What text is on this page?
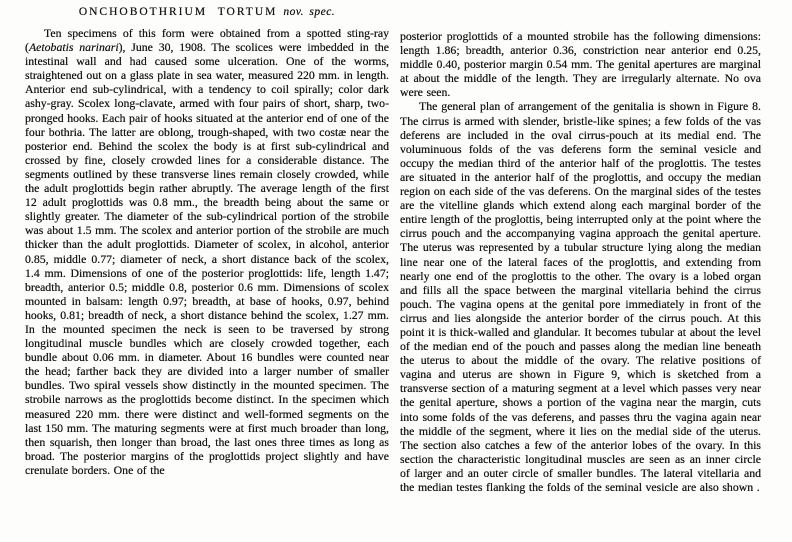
ONCHOBOTHRIUM TORTUM nov. spec.

Ten specimens of this form were obtained from a spotted sting-ray (Aetobatis narinari), June 30, 1908. The scolices were imbedded in the intestinal wall and had caused some ulceration. One of the worms, straightened out on a glass plate in sea water, measured 220 mm. in length. Anterior end sub-cylindrical, with a tendency to coil spirally; color dark ashy-gray. Scolex long-clavate, armed with four pairs of short, sharp, two-pronged hooks. Each pair of hooks situated at the anterior end of one of the four bothria. The latter are oblong, trough-shaped, with two costæ near the posterior end. Behind the scolex the body is at first sub-cylindrical and crossed by fine, closely crowded lines for a considerable distance. The segments outlined by these transverse lines remain closely crowded, while the adult proglottids begin rather abruptly. The average length of the first 12 adult proglottids was 0.8 mm., the breadth being about the same or slightly greater. The diameter of the sub-cylindrical portion of the strobile was about 1.5 mm. The scolex and anterior portion of the strobile are much thicker than the adult proglottids. Diameter of scolex, in alcohol, anterior 0.85, middle 0.77; diameter of neck, a short distance back of the scolex, 1.4 mm. Dimensions of one of the posterior proglottids: life, length 1.47; breadth, anterior 0.5; middle 0.8, posterior 0.6 mm. Dimensions of scolex mounted in balsam: length 0.97; breadth, at base of hooks, 0.97, behind hooks, 0.81; breadth of neck, a short distance behind the scolex, 1.27 mm. In the mounted specimen the neck is seen to be traversed by strong longitudinal muscle bundles which are closely crowded together, each bundle about 0.06 mm. in diameter. About 16 bundles were counted near the head; farther back they are divided into a larger number of smaller bundles. Two spiral vessels show distinctly in the mounted specimen. The strobile narrows as the proglottids become distinct. In the specimen which measured 220 mm. there were distinct and well-formed segments on the last 150 mm. The maturing segments were at first much broader than long, then squarish, then longer than broad, the last ones three times as long as broad. The posterior margins of the proglottids project slightly and have crenulate borders. One of the

posterior proglottids of a mounted strobile has the following dimensions: length 1.86; breadth, anterior 0.36, constriction near anterior end 0.25, middle 0.40, posterior margin 0.54 mm. The genital apertures are marginal at about the middle of the length. They are irregularly alternate. No ova were seen.

The general plan of arrangement of the genitalia is shown in Figure 8. The cirrus is armed with slender, bristle-like spines; a few folds of the vas deferens are included in the oval cirrus-pouch at its medial end. The voluminuous folds of the vas deferens form the seminal vesicle and occupy the median third of the anterior half of the proglottis. The testes are situated in the anterior half of the proglottis, and occupy the median region on each side of the vas deferens. On the marginal sides of the testes are the vitelline glands which extend along each marginal border of the entire length of the proglottis, being interrupted only at the point where the cirrus pouch and the accompanying vagina approach the genital aperture. The uterus was represented by a tubular structure lying along the median line near one of the lateral faces of the proglottis, and extending from nearly one end of the proglottis to the other. The ovary is a lobed organ and fills all the space between the marginal vitellaria behind the cirrus pouch. The vagina opens at the genital pore immediately in front of the cirrus and lies alongside the anterior border of the cirrus pouch. At this point it is thick-walled and glandular. It becomes tubular at about the level of the median end of the pouch and passes along the median line beneath the uterus to about the middle of the ovary. The relative positions of vagina and uterus are shown in Figure 9, which is sketched from a transverse section of a maturing segment at a level which passes very near the genital aperture, shows a portion of the vagina near the margin, cuts into some folds of the vas deferens, and passes thru the vagina again near the middle of the segment, where it lies on the medial side of the uterus. The section also catches a few of the anterior lobes of the ovary. In this section the characteristic longitudinal muscles are seen as an inner circle of larger and an outer circle of smaller bundles. The lateral vitellaria and the median testes flanking the folds of the seminal vesicle are also shown .
